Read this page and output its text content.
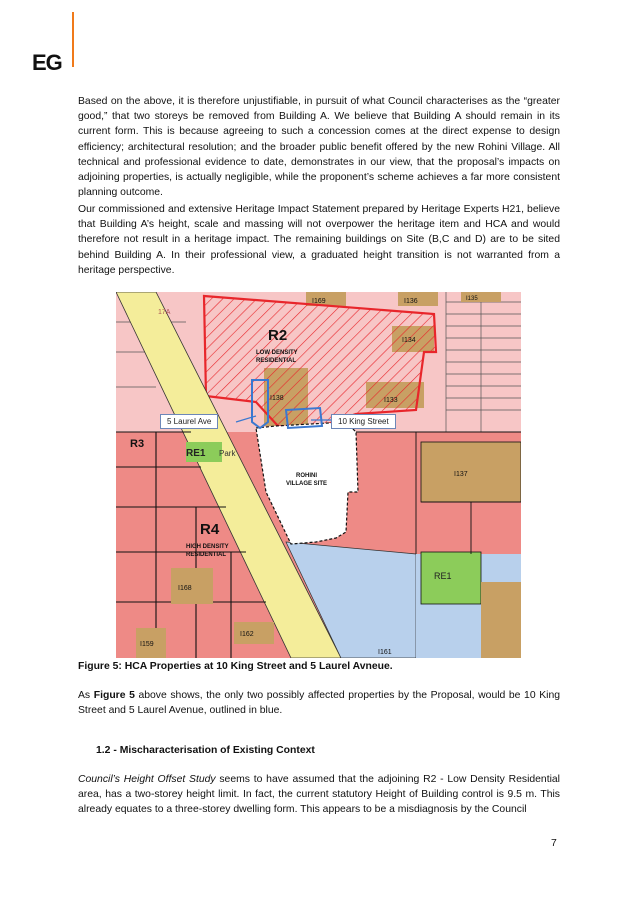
EG

Based on the above, it is therefore unjustifiable, in pursuit of what Council characterises as the “greater good,” that two storeys be removed from Building A. We believe that Building A should remain in its current form. This is because agreeing to such a concession comes at the direct expense to design efficiency; architectural resolution; and the broader public benefit offered by the new Rohini Village. All technical and professional evidence to date, demonstrates in our view, that the proposal’s impacts on adjoining properties, is actually negligible, while the proponent’s scheme achieves a far more consistent planning outcome.

Our commissioned and extensive Heritage Impact Statement prepared by Heritage Experts H21, believe that Building A’s height, scale and massing will not overpower the heritage item and HCA and would therefore not result in a heritage impact. The remaining buildings on Site (B,C and D) are to be sited behind Building A. In their professional view, a graduated height transition is not warranted from a heritage perspective.

R2
LOW DENSITY
RESIDENTIAL
R3
RE1 Park
R4
HIGH DENSITY
RESIDENTIAL
ROHINI
VILLAGE SITE
RE1
I169	I136	I135
I134
I138	I133
I137
I168
I162
I159
I161
17A
5 Laurel Ave	10 King Street
Figure 5: HCA Properties at 10 King Street and 5 Laurel Avneue.

As Figure 5 above shows, the only two possibly affected properties by the Proposal, would be 10 King Street and 5 Laurel Avenue, outlined in blue.

1.2 - Mischaracterisation of Existing Context

Council’s Height Offset Study seems to have assumed that the adjoining R2 - Low Density Residential area, has a two-storey height limit. In fact, the current statutory Height of Building control is 9.5 m. This already equates to a three-storey dwelling form. This appears to be a misdiagnosis by the Council

7
